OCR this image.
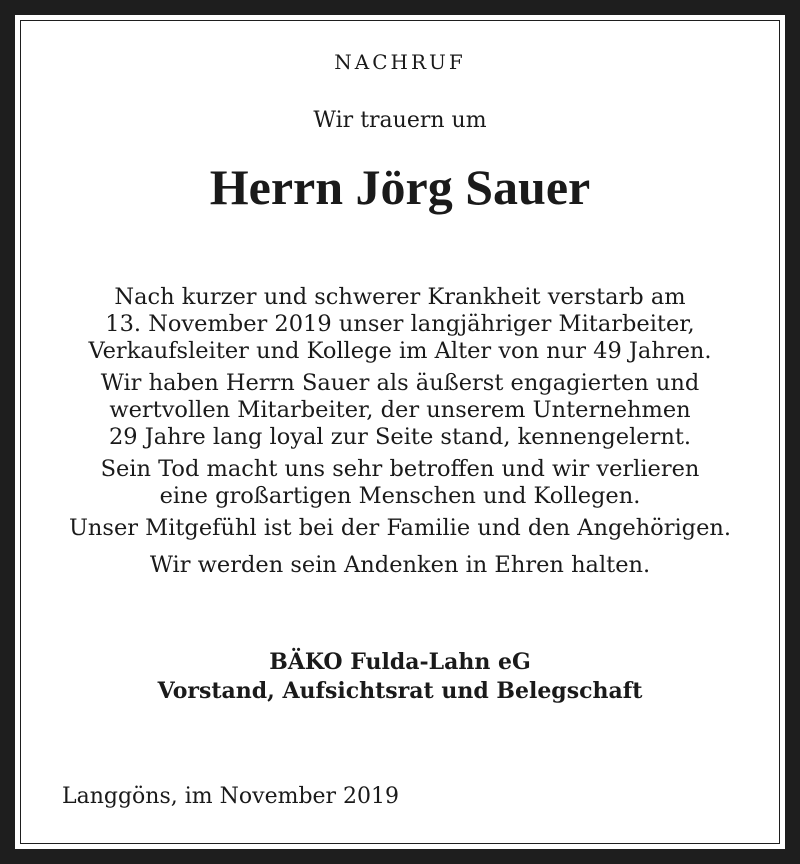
NACHRUF
Wir trauern um
Herrn Jörg Sauer

Nach kurzer und schwerer Krankheit verstarb am
13. November 2019 unser langjähriger Mitarbeiter,
Verkaufsleiter und Kollege im Alter von nur 49 Jahren.

Wir haben Herrn Sauer als äußerst engagierten und
wertvollen Mitarbeiter, der unserem Unternehmen
29 Jahre lang loyal zur Seite stand, kennengelernt.

Sein Tod macht uns sehr betroffen und wir verlieren
eine großartigen Menschen und Kollegen.

Unser Mitgefühl ist bei der Familie und den Angehörigen.

Wir werden sein Andenken in Ehren halten.

BÄKO Fulda-Lahn eG
Vorstand, Aufsichtsrat und Belegschaft
Langgöns, im November 2019
